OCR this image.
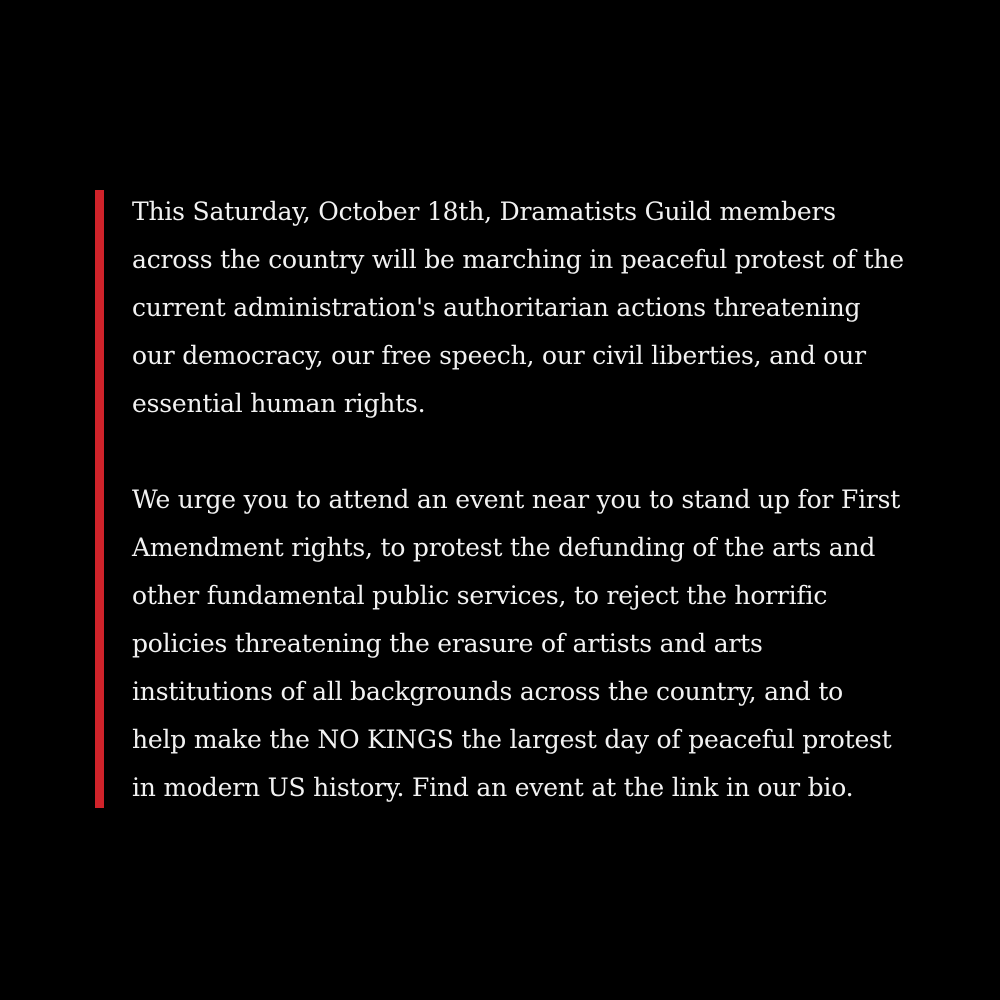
This Saturday, October 18th, Dramatists Guild members
across the country will be marching in peaceful protest of the
current administration's authoritarian actions threatening
our democracy, our free speech, our civil liberties, and our
essential human rights.

We urge you to attend an event near you to stand up for First
Amendment rights, to protest the defunding of the arts and
other fundamental public services, to reject the horrific
policies threatening the erasure of artists and arts
institutions of all backgrounds across the country, and to
help make the NO KINGS the largest day of peaceful protest
in modern US history. Find an event at the link in our bio.
